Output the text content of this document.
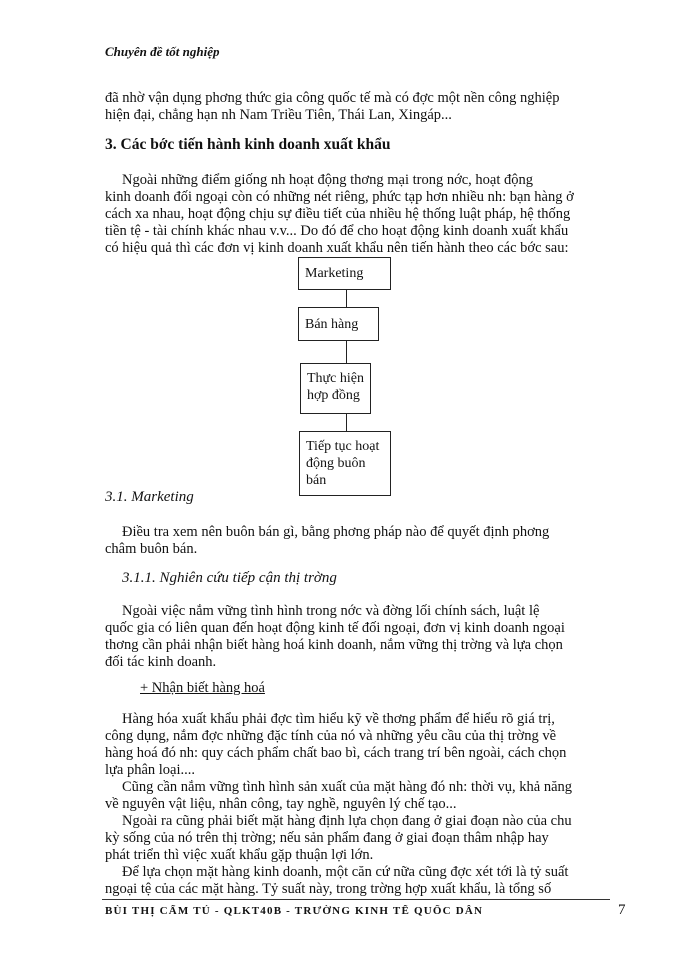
Chuyên đề tốt nghiệp
đã nhờ vận dụng phơng thức gia công quốc tế mà có đợc một nền công nghiệp
hiện đại, chẳng hạn nh Nam Triều Tiên, Thái Lan, Xingáp...
3. Các bớc tiến hành kinh doanh xuất khẩu
Ngoài những điểm giống nh hoạt động thơng mại trong nớc, hoạt động
kinh doanh đối ngoại còn có những nét riêng, phức tạp hơn nhiều nh: bạn hàng ở
cách xa nhau, hoạt động chịu sự điều tiết của nhiều hệ thống luật pháp, hệ thống
tiền tệ - tài chính khác nhau v.v... Do đó để cho hoạt động kinh doanh xuất khẩu
có hiệu quả thì các đơn vị kinh doanh xuất khẩu nên tiến hành theo các bớc sau:
Marketing
Bán hàng
Thực hiện hợp đồng
Tiếp tục hoạt động buôn bán
3.1. Marketing
Điều tra xem nên buôn bán gì, bằng phơng pháp nào để quyết định phơng
châm buôn bán.
3.1.1. Nghiên cứu tiếp cận thị trờng
Ngoài việc nắm vững tình hình trong nớc và đờng lối chính sách, luật lệ
quốc gia có liên quan đến hoạt động kinh tế đối ngoại, đơn vị kinh doanh ngoại
thơng cần phải nhận biết hàng hoá kinh doanh, nắm vững thị trờng và lựa chọn
đối tác kinh doanh.
+ Nhận biết hàng hoá
Hàng hóa xuất khẩu phải đợc tìm hiểu kỹ về thơng phẩm để hiểu rõ giá trị,
công dụng, nắm đợc những đặc tính của nó và những yêu cầu của thị trờng về
hàng hoá đó nh: quy cách phẩm chất bao bì, cách trang trí bên ngoài, cách chọn
lựa phân loại....
Cũng cần nắm vững tình hình sản xuất của mặt hàng đó nh: thời vụ, khả năng
về nguyên vật liệu, nhân công, tay nghề, nguyên lý chế tạo...
Ngoài ra cũng phải biết mặt hàng định lựa chọn đang ở giai đoạn nào của chu
kỳ sống của nó trên thị trờng; nếu sản phẩm đang ở giai đoạn thâm nhập hay
phát triển thì việc xuất khẩu gặp thuận lợi lớn.
Để lựa chọn mặt hàng kinh doanh, một căn cứ nữa cũng đợc xét tới là tỷ suất
ngoại tệ của các mặt hàng. Tỷ suất này, trong trờng hợp xuất khẩu, là tổng số
BÙI THỊ CẨM TÚ - QLKT40B - TRƯỜNG KINH TẾ QUỐC DÂN	7
